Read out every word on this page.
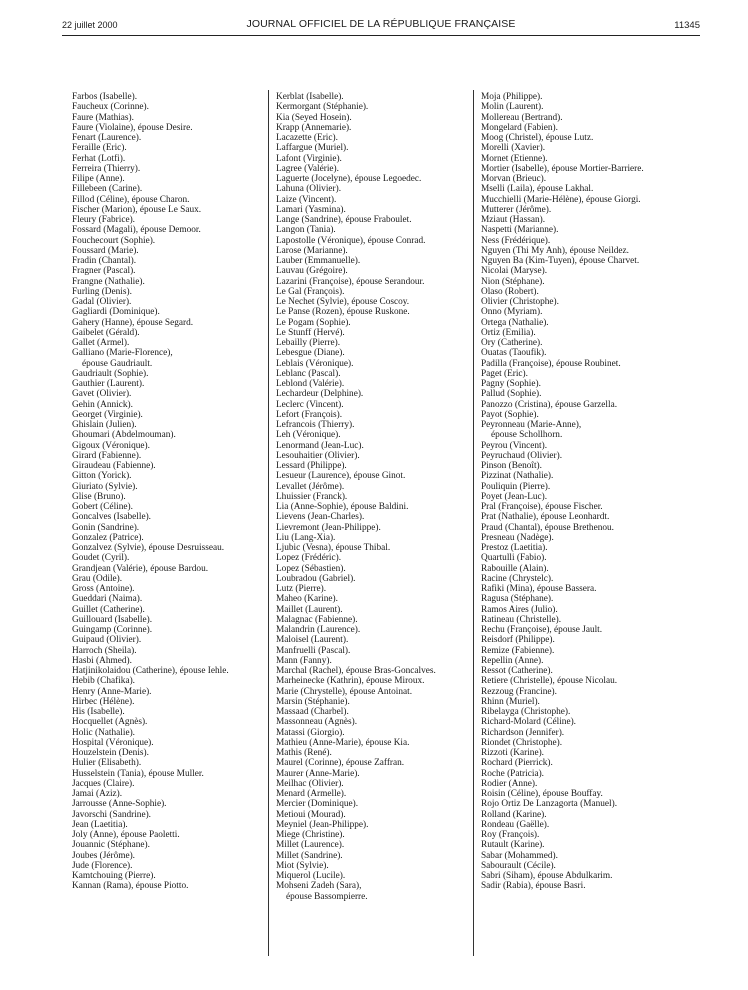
22 juillet 2000	JOURNAL OFFICIEL DE LA RÉPUBLIQUE FRANÇAISE	11345
Farbos (Isabelle).
Faucheux (Corinne).
Faure (Mathias).
Faure (Violaine), épouse Desire.
Fenart (Laurence).
Feraille (Eric).
Ferhat (Lotfi).
Ferreira (Thierry).
Filipe (Anne).
Fillebeen (Carine).
Fillod (Céline), épouse Charon.
Fischer (Marion), épouse Le Saux.
Fleury (Fabrice).
Fossard (Magali), épouse Demoor.
Fouchecourt (Sophie).
Foussard (Marie).
Fradin (Chantal).
Fragner (Pascal).
Frangne (Nathalie).
Furling (Denis).
Gadal (Olivier).
Gagliardi (Dominique).
Gahery (Hanne), épouse Segard.
Gaibelet (Gérald).
Gallet (Armel).
Galliano (Marie-Florence),
épouse Gaudriault.
Gaudriault (Sophie).
Gauthier (Laurent).
Gavet (Olivier).
Gehin (Annick).
Georget (Virginie).
Ghislain (Julien).
Ghoumari (Abdelmouman).
Gigoux (Véronique).
Girard (Fabienne).
Giraudeau (Fabienne).
Gitton (Yorick).
Giuriato (Sylvie).
Glise (Bruno).
Gobert (Céline).
Goncalves (Isabelle).
Gonin (Sandrine).
Gonzalez (Patrice).
Gonzalvez (Sylvie), épouse Desruisseau.
Goudet (Cyril).
Grandjean (Valérie), épouse Bardou.
Grau (Odile).
Gross (Antoine).
Gueddari (Naima).
Guillet (Catherine).
Guillouard (Isabelle).
Guingamp (Corinne).
Guipaud (Olivier).
Harroch (Sheila).
Hasbi (Ahmed).
Hatjinikolaidou (Catherine), épouse Iehle.
Hebib (Chafika).
Henry (Anne-Marie).
Hirbec (Hélène).
His (Isabelle).
Hocquellet (Agnès).
Holic (Nathalie).
Hospital (Véronique).
Houzelstein (Denis).
Hulier (Elisabeth).
Husselstein (Tania), épouse Muller.
Jacques (Claire).
Jamai (Aziz).
Jarrousse (Anne-Sophie).
Javorschi (Sandrine).
Jean (Laetitia).
Joly (Anne), épouse Paoletti.
Jouannic (Stéphane).
Joubes (Jérôme).
Jude (Florence).
Kamtchouing (Pierre).
Kannan (Rama), épouse Piotto.
Kerblat (Isabelle).
Kermorgant (Stéphanie).
Kia (Seyed Hosein).
Krapp (Annemarie).
Lacazette (Eric).
Laffargue (Muriel).
Lafont (Virginie).
Lagree (Valérie).
Laguerte (Jocelyne), épouse Legoedec.
Lahuna (Olivier).
Laize (Vincent).
Lamari (Yasmina).
Lange (Sandrine), épouse Fraboulet.
Langon (Tania).
Lapostolle (Véronique), épouse Conrad.
Larose (Marianne).
Lauber (Emmanuelle).
Lauvau (Grégoire).
Lazarini (Françoise), épouse Serandour.
Le Gal (François).
Le Nechet (Sylvie), épouse Coscoy.
Le Panse (Rozen), épouse Ruskone.
Le Pogam (Sophie).
Le Stunff (Hervé).
Lebailly (Pierre).
Lebesgue (Diane).
Leblais (Véronique).
Leblanc (Pascal).
Leblond (Valérie).
Lechardeur (Delphine).
Leclerc (Vincent).
Lefort (François).
Lefrancois (Thierry).
Leh (Véronique).
Lenormand (Jean-Luc).
Lesouhaitier (Olivier).
Lessard (Philippe).
Lesueur (Laurence), épouse Ginot.
Levallet (Jérôme).
Lhuissier (Franck).
Lia (Anne-Sophie), épouse Baldini.
Lievens (Jean-Charles).
Lievremont (Jean-Philippe).
Liu (Lang-Xia).
Ljubic (Vesna), épouse Thibal.
Lopez (Frédéric).
Lopez (Sébastien).
Loubradou (Gabriel).
Lutz (Pierre).
Maheo (Karine).
Maillet (Laurent).
Malagnac (Fabienne).
Malandrin (Laurence).
Maloisel (Laurent).
Manfruelli (Pascal).
Mann (Fanny).
Marchal (Rachel), épouse Bras-Goncalves.
Marheinecke (Kathrin), épouse Miroux.
Marie (Chrystelle), épouse Antoinat.
Marsin (Stéphanie).
Massaad (Charbel).
Massonneau (Agnès).
Matassi (Giorgio).
Mathieu (Anne-Marie), épouse Kia.
Mathis (René).
Maurel (Corinne), épouse Zaffran.
Maurer (Anne-Marie).
Meilhac (Olivier).
Menard (Armelle).
Mercier (Dominique).
Metioui (Mourad).
Meyniel (Jean-Philippe).
Miege (Christine).
Millet (Laurence).
Millet (Sandrine).
Miot (Sylvie).
Miquerol (Lucile).
Mohseni Zadeh (Sara),
épouse Bassompierre.
Moja (Philippe).
Molin (Laurent).
Mollereau (Bertrand).
Mongelard (Fabien).
Moog (Christel), épouse Lutz.
Morelli (Xavier).
Mornet (Etienne).
Mortier (Isabelle), épouse Mortier-Barriere.
Morvan (Brieuc).
Mselli (Laila), épouse Lakhal.
Mucchielli (Marie-Hélène), épouse Giorgi.
Mutterer (Jérôme).
Mziaut (Hassan).
Naspetti (Marianne).
Ness (Frédérique).
Nguyen (Thi My Anh), épouse Neildez.
Nguyen Ba (Kim-Tuyen), épouse Charvet.
Nicolai (Maryse).
Nion (Stéphane).
Olaso (Robert).
Olivier (Christophe).
Onno (Myriam).
Ortega (Nathalie).
Ortiz (Emilia).
Ory (Catherine).
Ouatas (Taoufik).
Padilla (Françoise), épouse Roubinet.
Paget (Eric).
Pagny (Sophie).
Pallud (Sophie).
Panozzo (Cristina), épouse Garzella.
Payot (Sophie).
Peyronneau (Marie-Anne),
épouse Schollhorn.
Peyrou (Vincent).
Peyruchaud (Olivier).
Pinson (Benoît).
Pizzinat (Nathalie).
Pouliquin (Pierre).
Poyet (Jean-Luc).
Pral (Françoise), épouse Fischer.
Prat (Nathalie), épouse Leonhardt.
Praud (Chantal), épouse Brethenou.
Presneau (Nadège).
Prestoz (Laetitia).
Quartulli (Fabio).
Rabouille (Alain).
Racine (Chrystelc).
Rafiki (Mina), épouse Bassera.
Ragusa (Stéphane).
Ramos Aires (Julio).
Ratineau (Christelle).
Rechu (Françoise), épouse Jault.
Reisdorf (Philippe).
Remize (Fabienne).
Repellin (Anne).
Ressot (Catherine).
Retiere (Christelle), épouse Nicolau.
Rezzoug (Francine).
Rhinn (Muriel).
Ribelayga (Christophe).
Richard-Molard (Céline).
Richardson (Jennifer).
Riondet (Christophe).
Rizzoti (Karine).
Rochard (Pierrick).
Roche (Patricia).
Rodier (Anne).
Roisin (Céline), épouse Bouffay.
Rojo Ortiz De Lanzagorta (Manuel).
Rolland (Karine).
Rondeau (Gaëlle).
Roy (François).
Rutault (Karine).
Sabar (Mohammed).
Sabourault (Cécile).
Sabri (Siham), épouse Abdulkarim.
Sadir (Rabia), épouse Basri.
